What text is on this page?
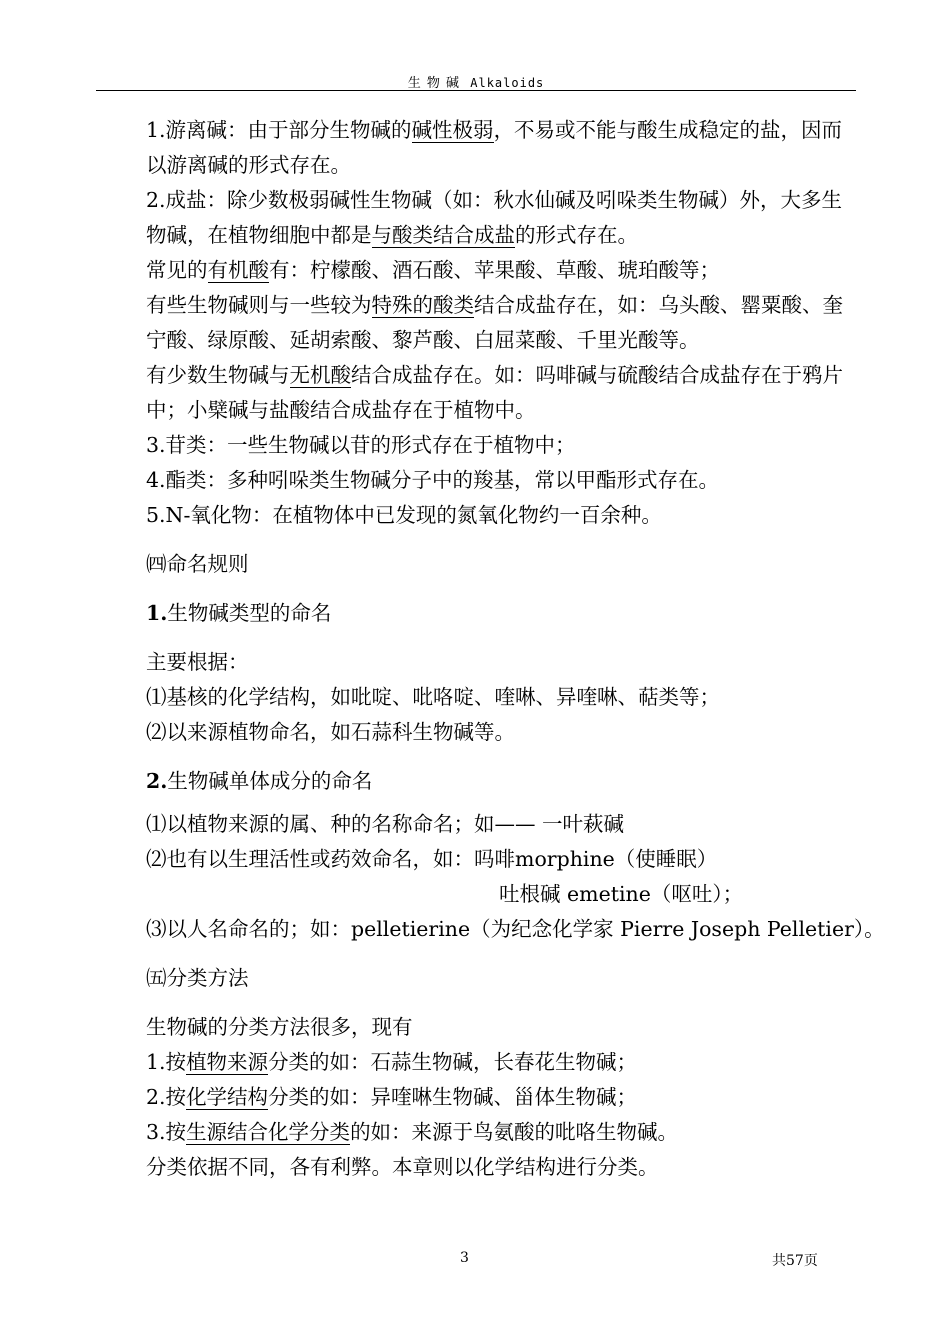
生 物 碱 Alkaloids

1.游离碱：由于部分生物碱的碱性极弱，不易或不能与酸生成稳定的盐，因而以游离碱的形式存在。

2.成盐：除少数极弱碱性生物碱（如：秋水仙碱及吲哚类生物碱）外，大多生物碱，在植物细胞中都是与酸类结合成盐的形式存在。

常见的有机酸有：柠檬酸、酒石酸、苹果酸、草酸、琥珀酸等；

有些生物碱则与一些较为特殊的酸类结合成盐存在，如：乌头酸、罂粟酸、奎宁酸、绿原酸、延胡索酸、黎芦酸、白屈菜酸、千里光酸等。

有少数生物碱与无机酸结合成盐存在。如：吗啡碱与硫酸结合成盐存在于鸦片中；小檗碱与盐酸结合成盐存在于植物中。

3.苷类：一些生物碱以苷的形式存在于植物中；

4.酯类：多种吲哚类生物碱分子中的羧基，常以甲酯形式存在。

5.N-氧化物：在植物体中已发现的氮氧化物约一百余种。

㈣命名规则

1.生物碱类型的命名

主要根据：

⑴基核的化学结构，如吡啶、吡咯啶、喹啉、异喹啉、萜类等；

⑵以来源植物命名，如石蒜科生物碱等。

2.生物碱单体成分的命名

⑴以植物来源的属、种的名称命名；如—— 一叶萩碱

⑵也有以生理活性或药效命名，如：吗啡morphine（使睡眠）

吐根碱 emetine（呕吐）；

⑶以人名命名的；如：pelletierine（为纪念化学家 Pierre Joseph Pelletier）。

㈤分类方法

生物碱的分类方法很多，现有

1.按植物来源分类的如：石蒜生物碱，长春花生物碱；

2.按化学结构分类的如：异喹啉生物碱、甾体生物碱；

3.按生源结合化学分类的如：来源于鸟氨酸的吡咯生物碱。

分类依据不同，各有利弊。本章则以化学结构进行分类。

3	共57页
